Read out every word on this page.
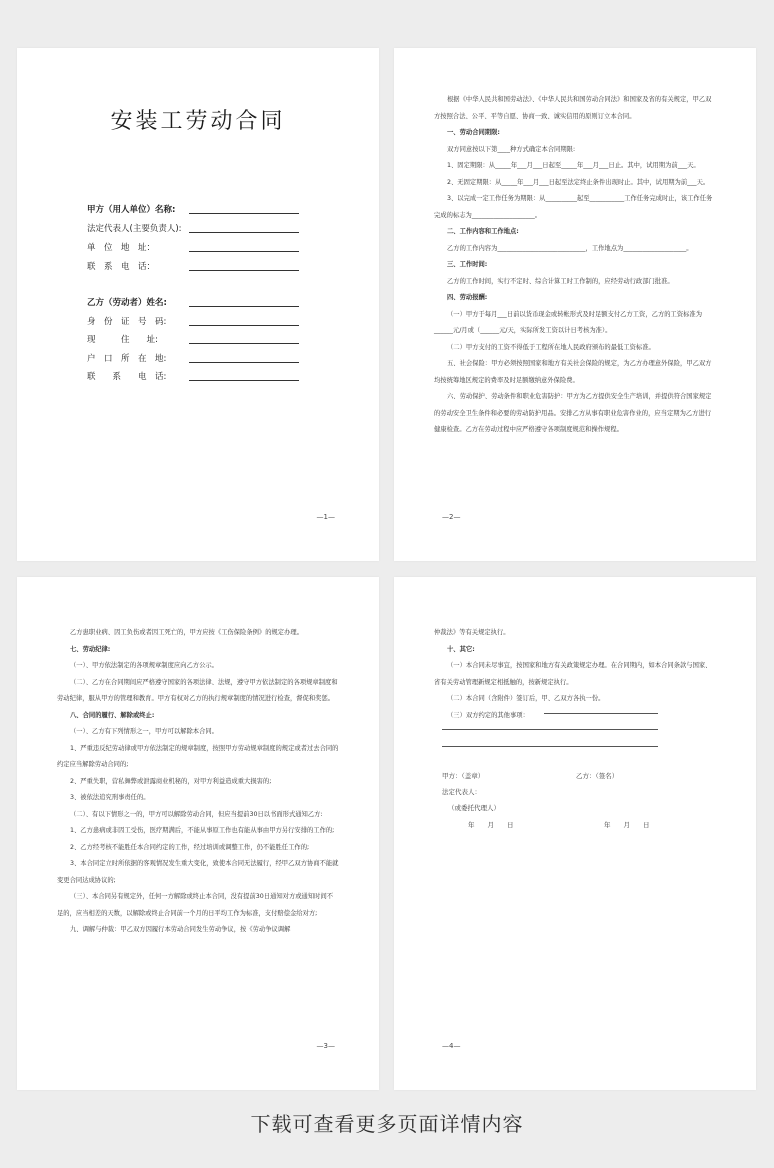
安装工劳动合同
甲方（用人单位）名称:
法定代表人(主要负责人):
单　位　地　址：
联　系　电　话：
乙方（劳动者）姓名:
身　份　证　号　码:
现　　　住　　址:
户　口　所　在　地:
联　　系　　电　话:
—1—

根据《中华人民共和国劳动法》、《中华人民共和国劳动合同法》和国家及省的有关规定，甲乙双方按照合法、公平、平等自愿、协商一致、诚实信用的原则订立本合同。

一、劳动合同期限:

双方同意按以下第____种方式确定本合同期限:

1、固定期限：从_____年___月___日起至_____年___月___日止。其中，试用期为前___天。

2、无固定期限：从_____年___月___日起至法定终止条件出现时止。其中，试用期为前___天。

3、以完成一定工作任务为期限：从__________起至___________工作任务完成时止，该工作任务完成的标志为____________________。

二、工作内容和工作地点:

乙方的工作内容为____________________________，工作地点为____________________。

三、工作时间:

乙方的工作时间，实行不定时、综合计算工时工作制的，应经劳动行政部门批准。

四、劳动报酬:

（一）甲方于每月___日前以货币现金或转帐形式及时足额支付乙方工资，乙方的工资标准为______元/月或（______元/天，实际所发工资以计日考核为准）。

（二）甲方支付的工资不得低于工程所在地人民政府颁布的最低工资标准。

五、社会保险：甲方必须按照国家和地方有关社会保险的规定，为乙方办理意外保险，甲乙双方均按统筹地区规定的费率及时足额缴纳意外保险费。

六、劳动保护、劳动条件和职业危害防护：甲方为乙方提供安全生产培训，并提供符合国家规定的劳动安全卫生条件和必要的劳动防护用品。安排乙方从事有职业危害作业的，应当定期为乙方进行健康检查。乙方在劳动过程中应严格遵守各项制度规范和操作规程。

—2—

乙方患职业病、因工负伤或者因工死亡的，甲方应按《工伤保险条例》的规定办理。

七、劳动纪律:

（一）、甲方依法制定的各项规章制度应向乙方公示。

（二）、乙方在合同期间应严格遵守国家的各项法律、法规，遵守甲方依法制定的各项规章制度和劳动纪律，服从甲方的管理和教育。甲方有权对乙方的执行规章制度的情况进行检查，督促和奖惩。

八、合同的履行、解除或终止:

（一）、乙方有下列情形之一，甲方可以解除本合同。

1、严重违反纪劳动律或甲方依法制定的规章制度，按照甲方劳动规章制度的规定或者过去合同的约定应当解除劳动合同的;

2、严重失职，营私舞弊或泄露商业机秘的，对甲方利益造成重大损害的;

3、被依法追究刑事责任的。

（二）、有以下情形之一的，甲方可以解除劳动合同，但应当提前30日以书面形式通知乙方:

1、乙方患病或非因工受伤，医疗期满后，不能从事原工作也有能从事由甲方另行安排的工作的;

2、乙方经考核不能胜任本合同约定的工作，经过培训或调整工作，仍不能胜任工作的;

3、本合同定立时所依据的客观情况发生重大变化，致使本合同无法履行，经甲乙双方协商不能就变更合同达成协议的;

（三）、本合同另有规定外，任何一方解除或终止本合同，没有提前30日通知对方或通知时间不足的，应当相差的天数，以解除或终止合同前一个月的日平均工作为标准，支付赔偿金给对方;

九、调解与仲裁：甲乙双方因履行本劳动合同发生劳动争议，按《劳动争议调解

—3—

仲裁法》等有关规定执行。

十、其它:

（一）本合同未尽事宜，按国家和地方有关政策规定办理。在合同期内，如本合同条款与国家、省有关劳动管理新规定相抵触的，按新规定执行。

（二）本合同（含附件）签订后，甲、乙双方各执一份。

（三）双方约定的其他事项：

甲方：（盖章）	乙方：（签名）
法定代表人：
（或委托代理人）
年　　月　　日	年　　月　　日
—4—
下载可查看更多页面详情内容
